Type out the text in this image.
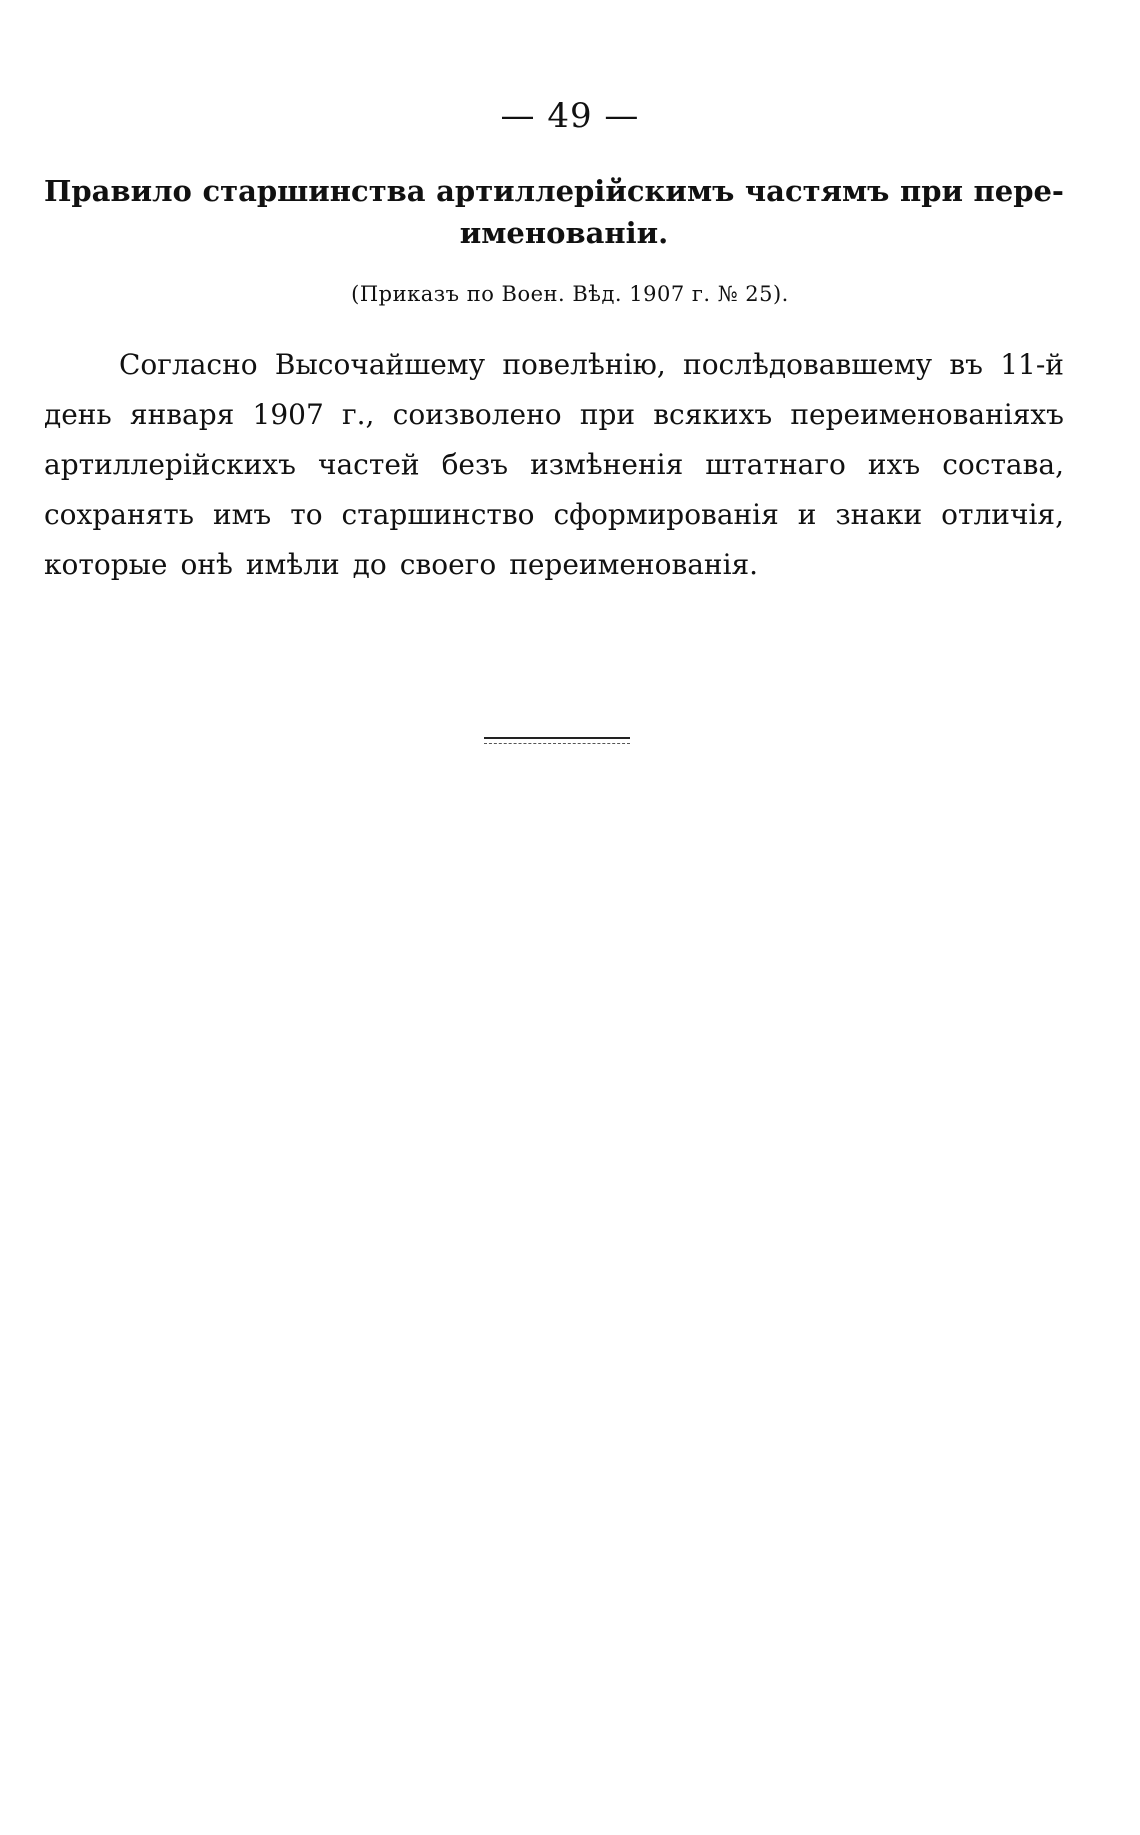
— 49 —
Правило старшинства артиллерійскимъ частямъ при пере-
именованіи.
(Приказъ по Воен. Вѣд. 1907 г. № 25).
Согласно Высочайшему повелѣнію, послѣдовавшему въ 11-й
день января 1907 г., соизволено при всякихъ переименованіяхъ
артиллерійскихъ частей безъ измѣненія штатнаго ихъ состава,
сохранять имъ то старшинство сформированія и знаки отличія,
которые онѣ имѣли до своего переименованія.
